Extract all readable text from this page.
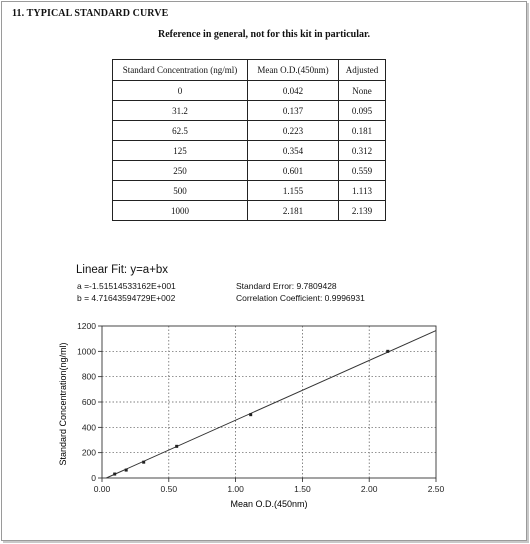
11. TYPICAL STANDARD CURVE
Reference in general, not for this kit in particular.
Standard Concentration (ng/ml)	Mean O.D.(450nm)	Adjusted
0	0.042	None
31.2	0.137	0.095
62.5	0.223	0.181
125	0.354	0.312
250	0.601	0.559
500	1.155	1.113
1000	2.181	2.139
Linear Fit: y=a+bx
a =-1.51514533162E+001
b = 4.71643594729E+002
Standard Error: 9.7809428
Correlation Coefficient: 0.9996931
0.00	0.50	1.00	1.50	2.00	2.50
0
200
400
600
800
1000
1200
Mean O.D.(450nm)
Standard Concentration(ng/ml)
